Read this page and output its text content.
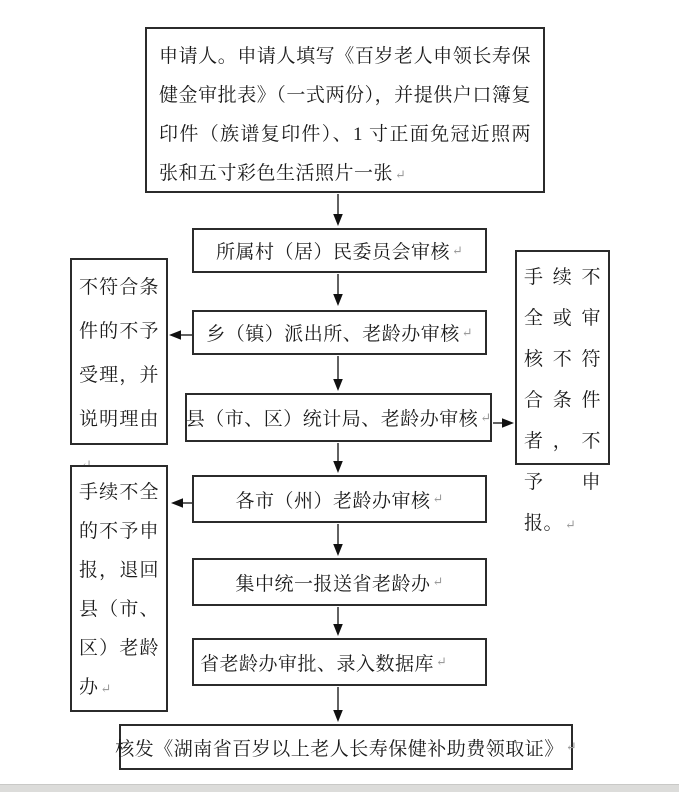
申请人。申请人填写《百岁老人申领长寿保健金审批表》（一式两份），并提供户口簿复印件（族谱复印件）、1 寸正面免冠近照两张和五寸彩色生活照片一张 ↵
所属村（居）民委员会审核 ↵
乡（镇）派出所、老龄办审核 ↵
县（市、区）统计局、老龄办审核 ↵
各市（州）老龄办审核 ↵
集中统一报送省老龄办 ↵
省老龄办审批、录入数据库 ↵
核发《湖南省百岁以上老人长寿保健补助费领取证》 ↵
不符合条件的不予受理，并说明理由
手续不全的不予申报，退回县（市、区）老龄办 ↵
手续不全或审核不符合条件者，不予申报。 ↵
